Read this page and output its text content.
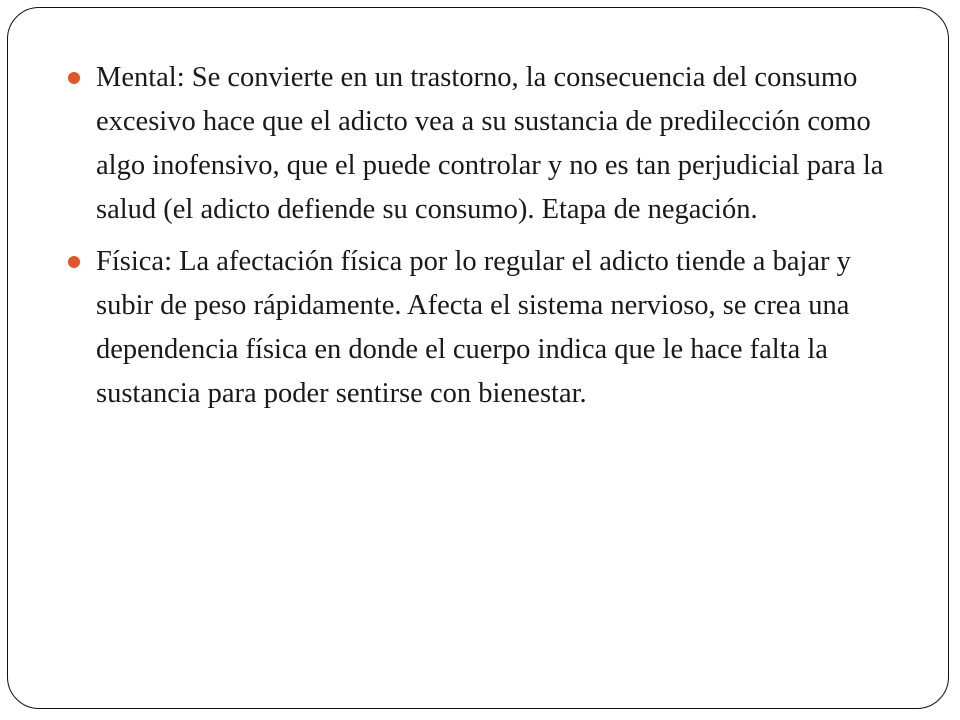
Mental: Se convierte en un trastorno, la consecuencia del consumo excesivo hace que el adicto vea a su sustancia de predilección como algo inofensivo, que el puede controlar y no es tan perjudicial para la salud (el adicto defiende su consumo). Etapa de negación.
Física: La afectación física por lo regular el adicto tiende a bajar y subir de peso rápidamente. Afecta el sistema nervioso, se crea una dependencia física en donde el cuerpo indica que le hace falta la sustancia para poder sentirse con bienestar.
